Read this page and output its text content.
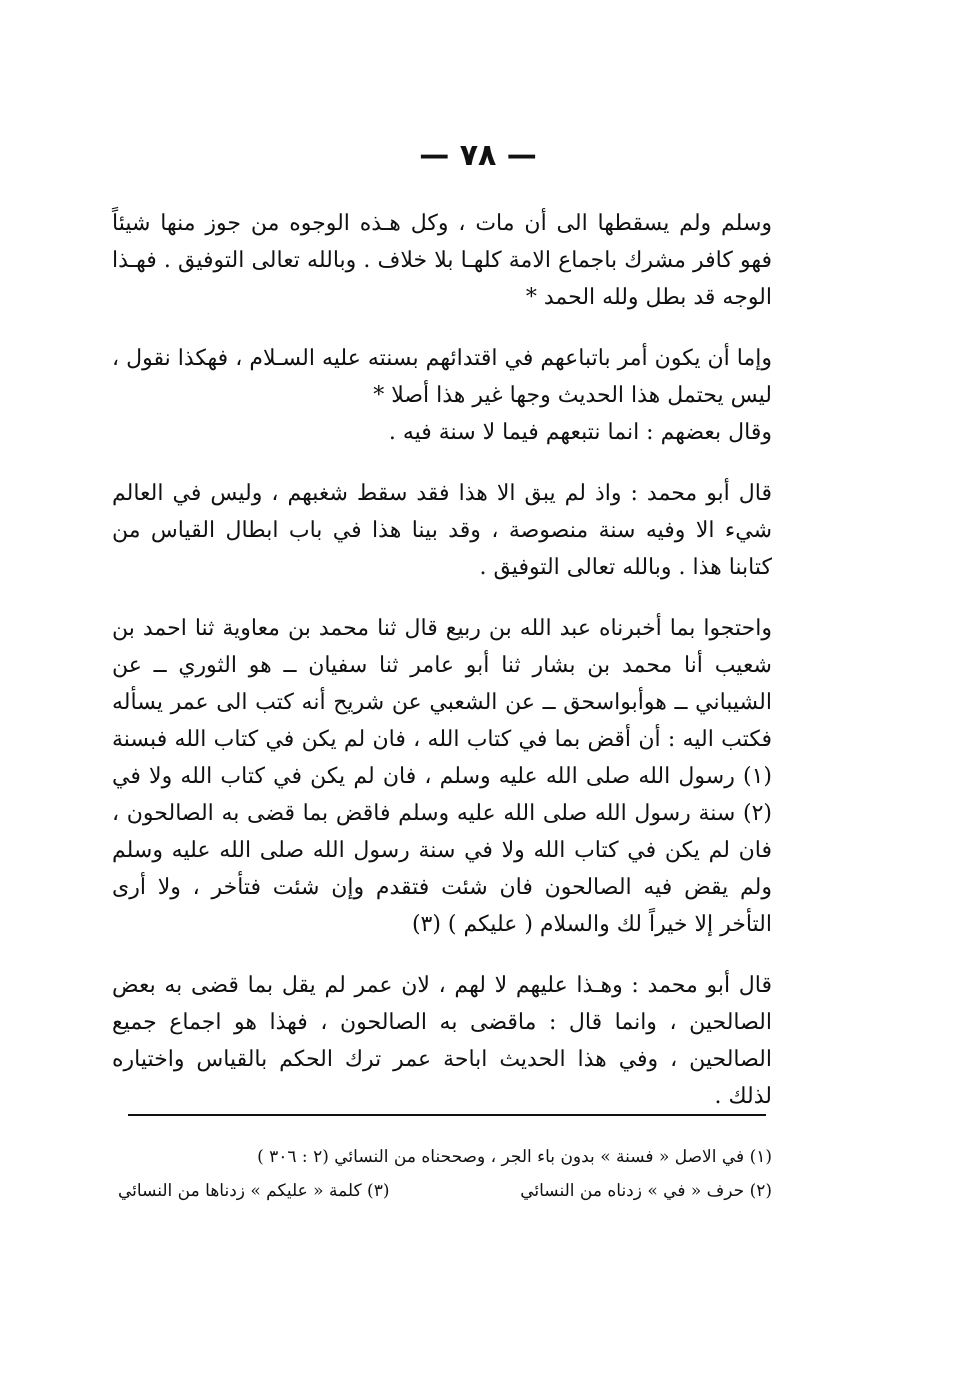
— ٧٨ —

وسلم ولم يسقطها الى أن مات ، وكل هـذه الوجوه من جوز منها شيئاً فهو كافر مشرك باجماع الامة كلهـا بلا خلاف . وبالله تعالى التوفيق . فهـذا الوجه قد بطل ولله الحمد *

وإما أن يكون أمر باتباعهم في اقتدائهم بسنته عليه السـلام ، فهكذا نقول ، ليس يحتمل هذا الحديث وجها غير هذا أصلا *

وقال بعضهم : انما نتبعهم فيما لا سنة فيه .

قال أبو محمد : واذ لم يبق الا هذا فقد سقط شغبهم ، وليس في العالم شيء الا وفيه سنة منصوصة ، وقد بينا هذا في باب ابطال القياس من كتابنا هذا . وبالله تعالى التوفيق .

واحتجوا بما أخبرناه عبد الله بن ربيع قال ثنا محمد بن معاوية ثنا احمد بن شعيب أنا محمد بن بشار ثنا أبو عامر ثنا سفيان ــ هو الثوري ــ عن الشيباني ــ هوأبواسحق ــ عن الشعبي عن شريح أنه كتب الى عمر يسأله فكتب اليه : أن أقض بما في كتاب الله ، فان لم يكن في كتاب الله فبسنة (١) رسول الله صلى الله عليه وسلم ، فان لم يكن في كتاب الله ولا في (٢) سنة رسول الله صلى الله عليه وسلم فاقض بما قضى به الصالحون ، فان لم يكن في كتاب الله ولا في سنة رسول الله صلى الله عليه وسلم ولم يقض فيه الصالحون فان شئت فتقدم وإن شئت فتأخر ، ولا أرى التأخر إلا خيراً لك والسلام ( عليكم ) (٣)

قال أبو محمد : وهـذا عليهم لا لهم ، لان عمر لم يقل بما قضى به بعض الصالحين ، وانما قال : ماقضى به الصالحون ، فهذا هو اجماع جميع الصالحين ، وفي هذا الحديث اباحة عمر ترك الحكم بالقياس واختياره لذلك .

(١) في الاصل « فسنة » بدون باء الجر ، وصححناه من النسائي (٢ : ٣٠٦ )
(٢) حرف « في » زدناه من النسائي
(٣) كلمة « عليكم » زدناها من النسائي
